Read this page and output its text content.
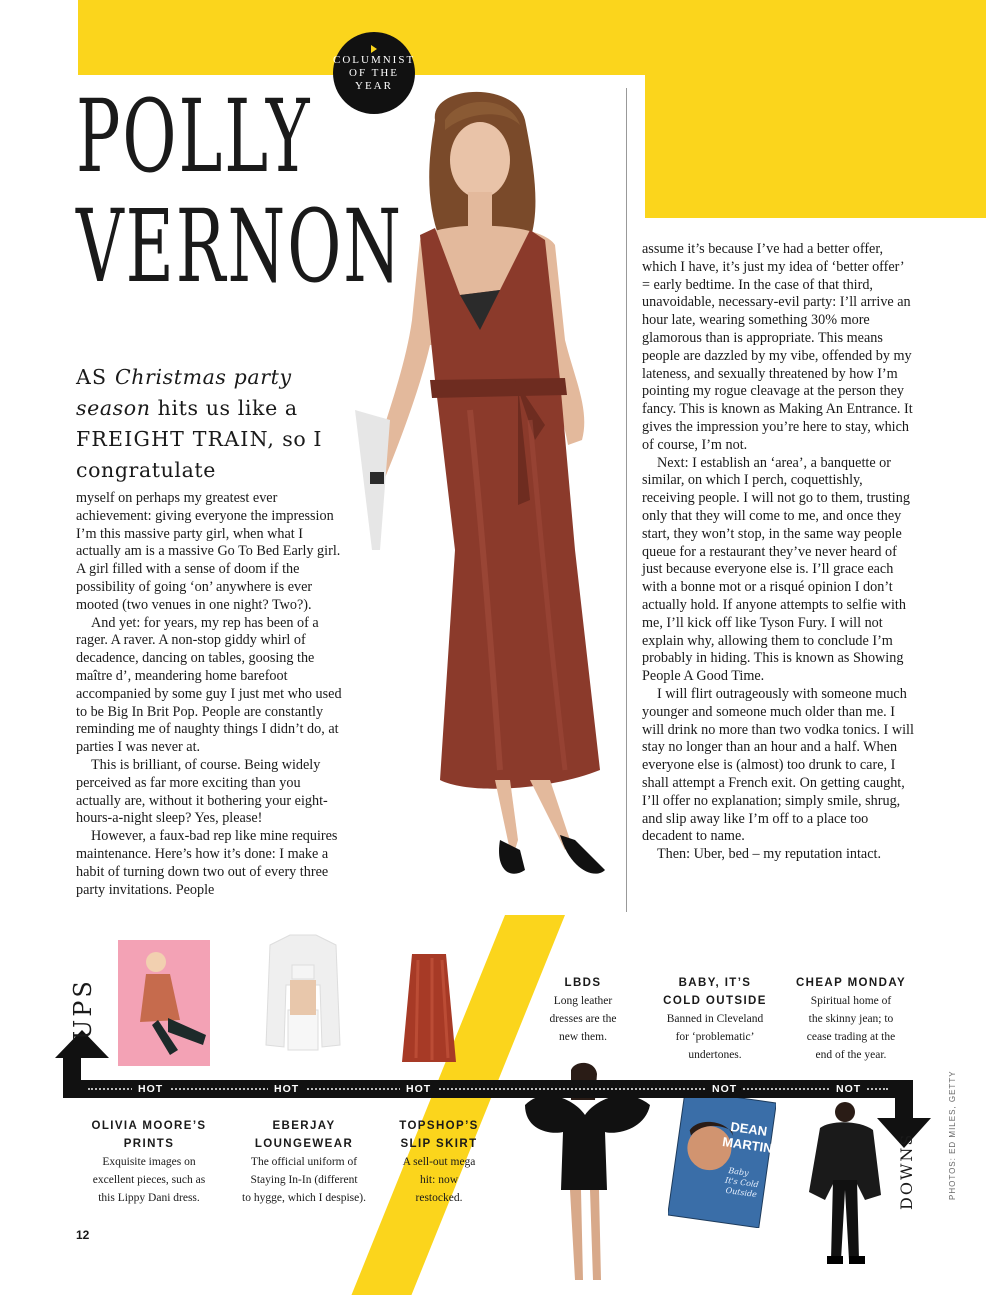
COLUMNIST
OF THE
YEAR
POLLY
VERNON
AS Christmas party season hits us like a FREIGHT TRAIN, so I congratulate

myself on perhaps my greatest ever achievement: giving everyone the impression I’m this massive party girl, when what I actually am is a massive Go To Bed Early girl. A girl filled with a sense of doom if the possibility of going ‘on’ anywhere is ever mooted (two venues in one night? Two?).

And yet: for years, my rep has been of a rager. A raver. A non-stop giddy whirl of decadence, dancing on tables, goosing the maître d’, meandering home barefoot accompanied by some guy I just met who used to be Big In Brit Pop. People are constantly reminding me of naughty things I didn’t do, at parties I was never at.

This is brilliant, of course. Being widely perceived as far more exciting than you actually are, without it bothering your eight-hours-a-night sleep? Yes, please!

However, a faux-bad rep like mine requires maintenance. Here’s how it’s done: I make a habit of turning down two out of every three party invitations. People

assume it’s because I’ve had a better offer, which I have, it’s just my idea of ‘better offer’ = early bedtime. In the case of that third, unavoidable, necessary-evil party: I’ll arrive an hour late, wearing something 30% more glamorous than is appropriate. This means people are dazzled by my vibe, offended by my lateness, and sexually threatened by how I’m pointing my rogue cleavage at the person they fancy. This is known as Making An Entrance. It gives the impression you’re here to stay, which of course, I’m not.

Next: I establish an ‘area’, a banquette or similar, on which I perch, coquettishly, receiving people. I will not go to them, trusting only that they will come to me, and once they start, they won’t stop, in the same way people queue for a restaurant they’ve never heard of just because everyone else is. I’ll grace each with a bonne mot or a risqué opinion I don’t actually hold. If anyone attempts to selfie with me, I’ll kick off like Tyson Fury. I will not explain why, allowing them to conclude I’m probably in hiding. This is known as Showing People A Good Time.

I will flirt outrageously with someone much younger and someone much older than me. I will drink no more than two vodka tonics. I will stay no longer than an hour and a half. When everyone else is (almost) too drunk to care, I shall attempt a French exit. On getting caught, I’ll offer no explanation; simply smile, shrug, and slip away like I’m off to a place too decadent to name.

Then: Uber, bed – my reputation intact.

DEAN
MARTIN
Baby
It's Cold
Outside
UPS
DOWNS
HOT	HOT	HOT	NOT	NOT
OLIVIA MOORE’S
PRINTS
Exquisite images on
excellent pieces, such as
this Lippy Dani dress.
EBERJAY
LOUNGEWEAR
The official uniform of
Staying In-In (different
to hygge, which I despise).
TOPSHOP’S
SLIP SKIRT
A sell-out mega
hit: now
restocked.
LBDS
Long leather
dresses are the
new them.
BABY, IT’S
COLD OUTSIDE
Banned in Cleveland
for ‘problematic’
undertones.
CHEAP MONDAY
Spiritual home of
the skinny jean; to
cease trading at the
end of the year.
12
PHOTOS: ED MILES, GETTY
